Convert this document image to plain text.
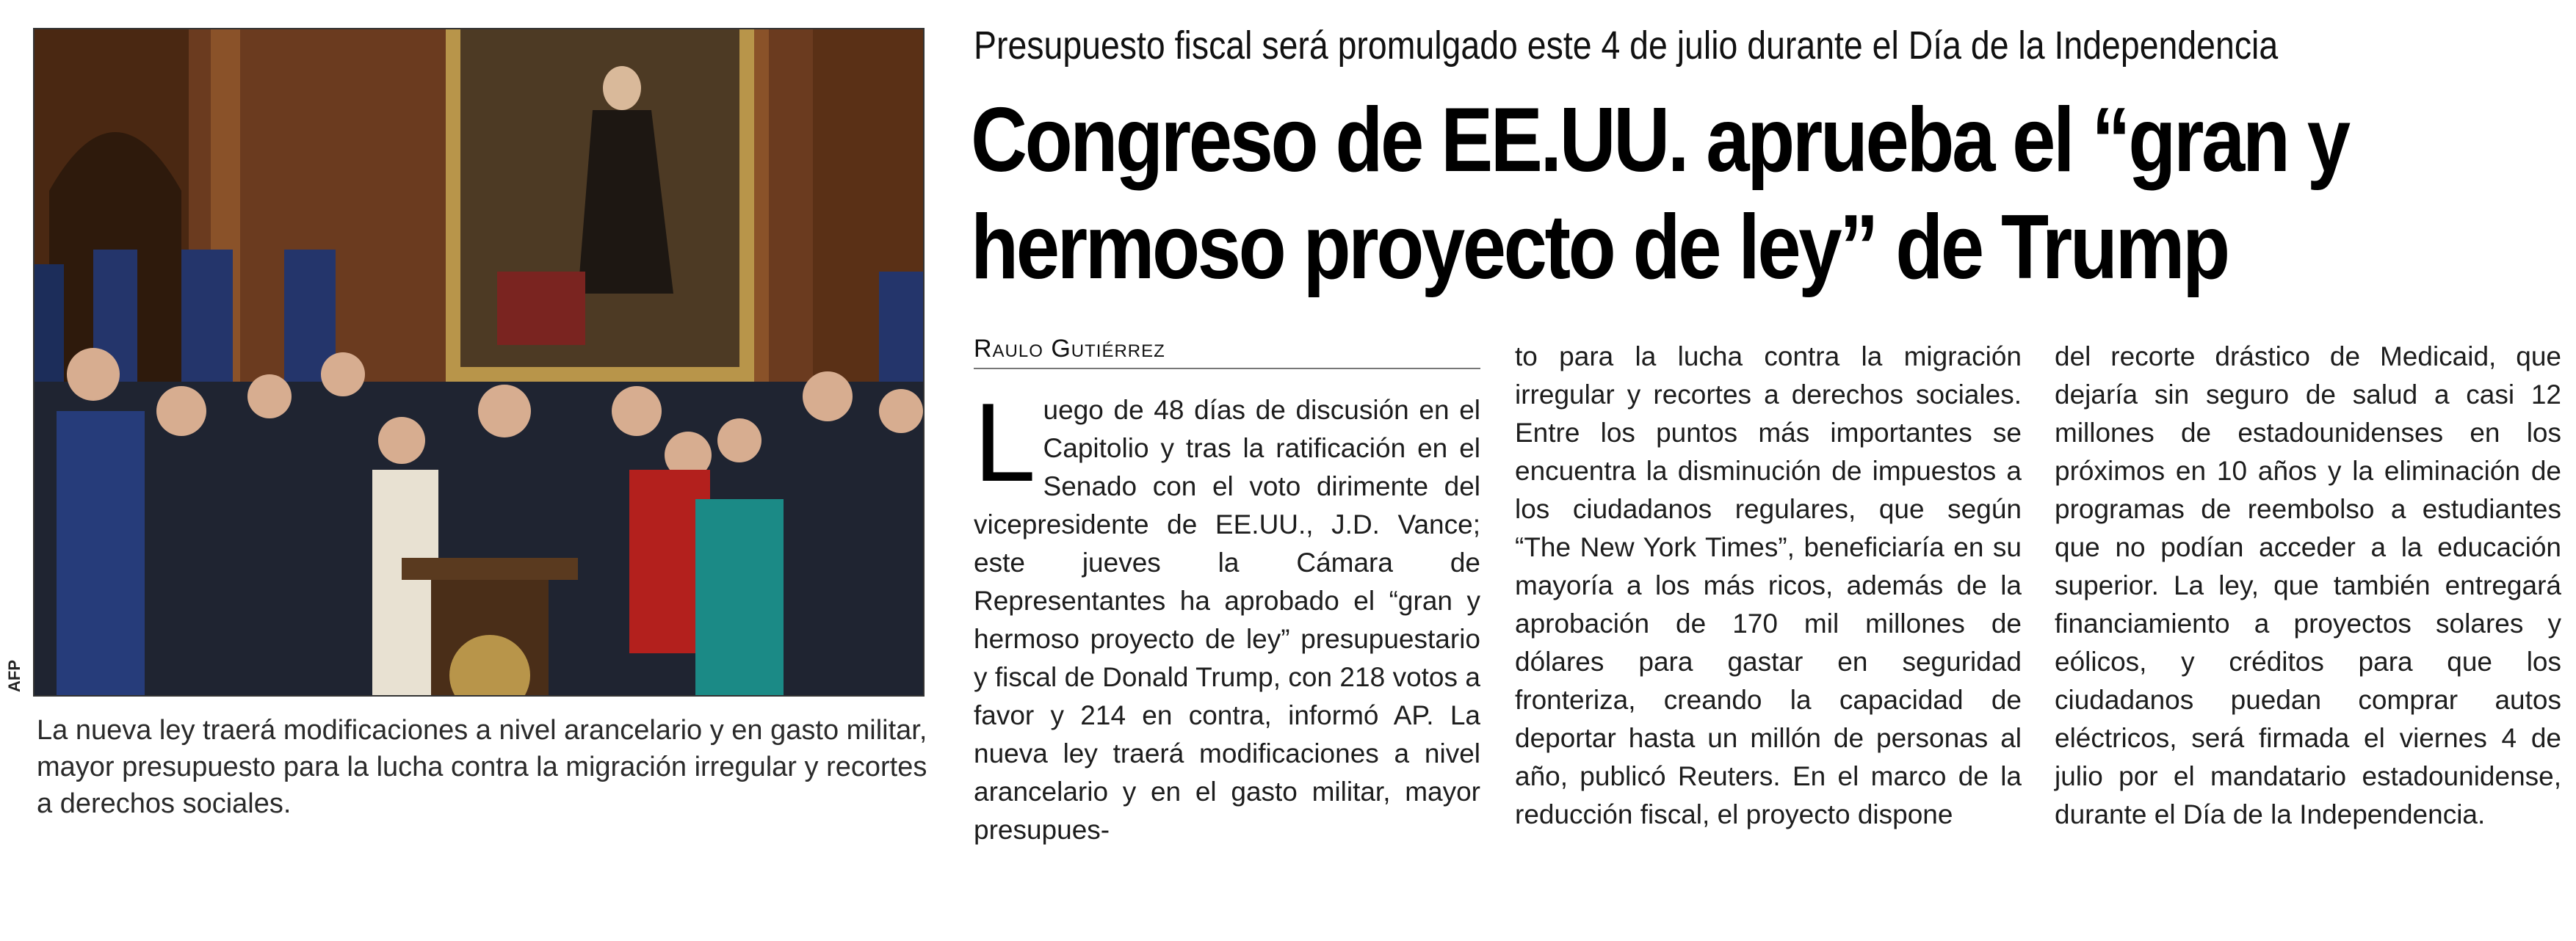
AFP
La nueva ley traerá modificaciones a nivel arancelario y en gasto militar, mayor presupuesto para la lucha contra la migración irregular y recortes a derechos sociales.
Presupuesto fiscal será promulgado este 4 de julio durante el Día de la Independencia
Congreso de EE.UU. aprueba el “gran y hermoso proyecto de ley” de Trump
Raulo Gutiérrez
Luego de 48 días de discusión en el Capitolio y tras la ratificación en el Senado con el voto dirimente del vicepresidente de EE.UU., J.D. Vance; este jueves la Cámara de Representantes ha aprobado el “gran y hermoso proyecto de ley” presupuestario y fiscal de Donald Trump, con 218 votos a favor y 214 en contra, informó AP. La nueva ley traerá modificaciones a nivel arancelario y en el gasto militar, mayor presupues-
to para la lucha contra la migración irregular y recortes a derechos sociales. Entre los puntos más importantes se encuentra la disminución de impuestos a los ciudadanos regulares, que según “The New York Times”, beneficiaría en su mayoría a los más ricos, además de la aprobación de 170 mil millones de dólares para gastar en seguridad fronteriza, creando la capacidad de deportar hasta un millón de personas al año, publicó Reuters. En el marco de la reducción fiscal, el proyecto dispone
del recorte drástico de Medicaid, que dejaría sin seguro de salud a casi 12 millones de estadounidenses en los próximos en 10 años y la eliminación de programas de reembolso a estudiantes que no podían acceder a la educación superior. La ley, que también entregará financiamiento a proyectos solares y eólicos, y créditos para que los ciudadanos puedan comprar autos eléctricos, será firmada el viernes 4 de julio por el mandatario estadounidense, durante el Día de la Independencia.
